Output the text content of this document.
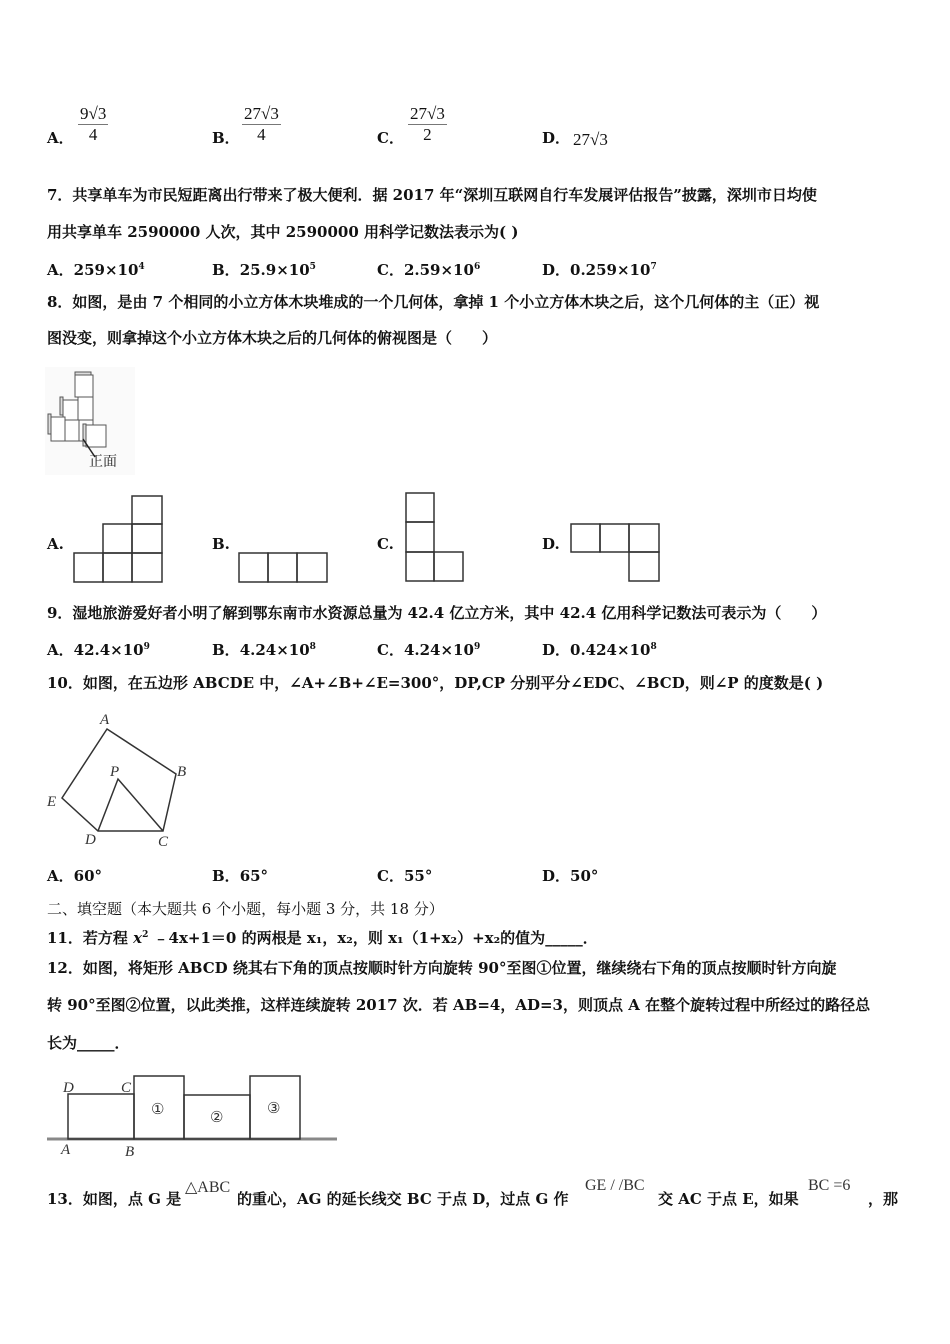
A． $\frac{9√3}{4}$	B． $\frac{27√3}{4}$	C． $\frac{27√3}{2}$	D． 27√3
7．共享单车为市民短距离出行带来了极大便利．据 2017 年“深圳互联网自行车发展评估报告”披露，深圳市日均使
用共享单车 2590000 人次，其中 2590000 用科学记数法表示为( )
A．$259\times 10^4$	B．$25.9\times 10^5$	C．$2.59\times 10^6$	D．$0.259\times 10^7$
8．如图，是由 7 个相同的小立方体木块堆成的一个几何体，拿掉 1 个小立方体木块之后，这个几何体的主（正）视
图没变，则拿掉这个小立方体木块之后的几何体的俯视图是（　　）
正面
A.	B.	C.	D.
9．湿地旅游爱好者小明了解到鄂东南市水资源总量为 42.4 亿立方米，其中 42.4 亿用科学记数法可表示为（　　）
A．$42.4\times 10^9$	B．$4.24\times 10^8$	C．$4.24\times 10^9$	D．$0.424\times 10^8$
10．如图，在五边形 ABCDE 中，∠A+∠B+∠E=300°，DP,CP 分别平分∠EDC、∠BCD，则∠P 的度数是( )
A
B
C
D
E
P
A．60°	B．65°	C．55°	D．50°
二、填空题（本大题共 6 个小题，每小题 3 分，共 18 分）
11．若方程 $x^2$ ﹣4x+1＝0 的两根是 x₁，x₂，则 x₁（1+x₂）+x₂的值为_____．
12．如图，将矩形 ABCD 绕其右下角的顶点按顺时针方向旋转 90°至图①位置，继续绕右下角的顶点按顺时针方向旋
转 90°至图②位置，以此类推，这样连续旋转 2017 次．若 AB=4，AD=3，则顶点 A 在整个旋转过程中所经过的路径总
长为_____．
D	C
A	B
①	②
③
13．如图，点 G 是
△ABC
的重心，AG 的延长线交 BC 于点 D，过点 G 作
GE / /BC
交 AC 于点 E，如果
BC =6
，那
